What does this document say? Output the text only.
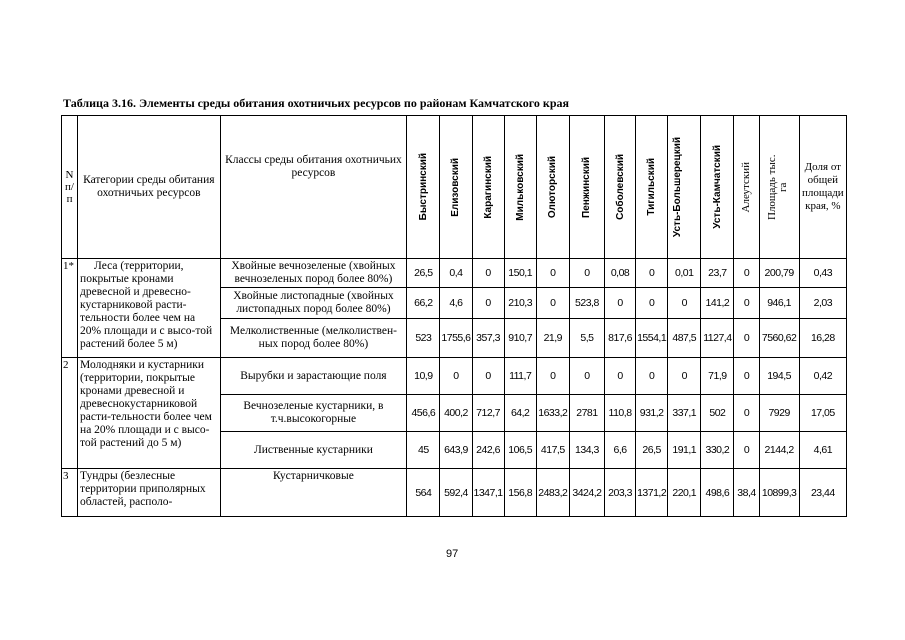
Таблица 3.16. Элементы среды обитания охотничьих ресурсов по районам Камчатского края
N п/ п	Категории среды обитания охотничьих ресурсов	Классы среды обитания охотничьих ресурсов	Быстринский	Елизовский	Карагинский	Мильковский	Олюторский	Пенжинский	Соболевский	Тигильский	Усть-Большерецкий	Усть-Камчатский	Алеутский	Площадь тыс. га	Доля от общей площади края, %
1*	Леса (территории, покрытые кронами древесной и древесно-кустарниковой расти-тельности более чем на 20% площади и с высо-той растений более 5 м)	Хвойные вечнозеленые (хвойных вечнозеленых пород более 80%)	26,5	0,4	0	150,1	0	0	0,08	0	0,01	23,7	0	200,79	0,43
		Хвойные листопадные (хвойных листопадных пород более 80%)	66,2	4,6	0	210,3	0	523,8	0	0	0	141,2	0	946,1	2,03
		Мелколиственные (мелколиствен-ных пород более 80%)	523	1755,6	357,3	910,7	21,9	5,5	817,6	1554,1	487,5	1127,4	0	7560,62	16,28
2	Молодняки и кустарники (территории, покрытые кронами древесной и древеснокустарниковой расти-тельности более чем на 20% площади и с высо-той растений до 5 м)	Вырубки и зарастающие поля	10,9	0	0	111,7	0	0	0	0	0	71,9	0	194,5	0,42
		Вечнозеленые кустарники, в т.ч.высокогорные	456,6	400,2	712,7	64,2	1633,2	2781	110,8	931,2	337,1	502	0	7929	17,05
		Лиственные кустарники	45	643,9	242,6	106,5	417,5	134,3	6,6	26,5	191,1	330,2	0	2144,2	4,61
3	Тундры (безлесные территории приполярных областей, располо-	Кустарничковые	564	592,4	1347,1	156,8	2483,2	3424,2	203,3	1371,2	220,1	498,6	38,4	10899,3	23,44
97
